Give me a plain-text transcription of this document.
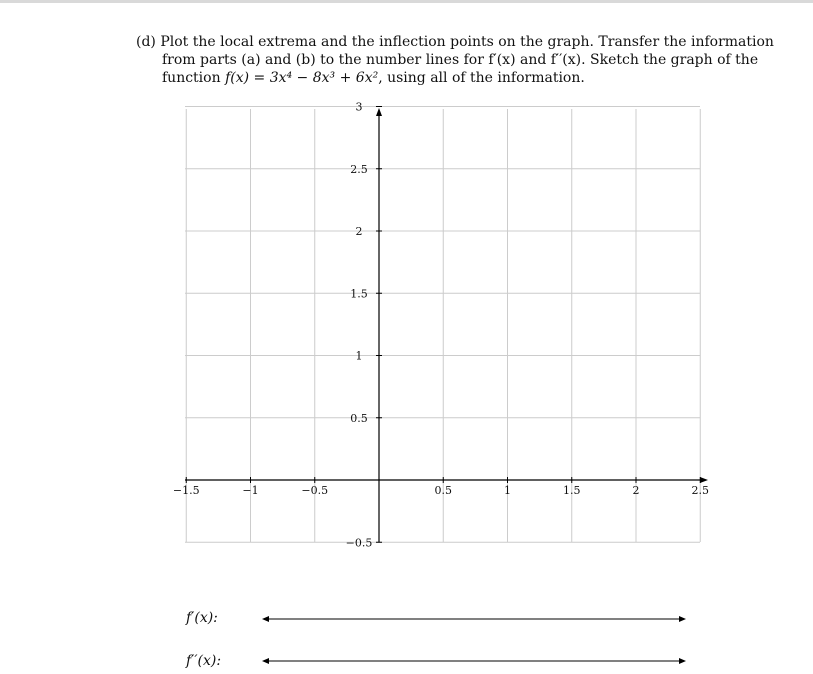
(d) Plot the local extrema and the inflection points on the graph. Transfer the information
from parts (a) and (b) to the number lines for f′(x) and f′′(x). Sketch the graph of the
function f(x) = 3x⁴ − 8x³ + 6x², using all of the information.
−1.5	−1	−0.5	0.5	1	1.5	2	2.5
3
2.5
2
1.5
1
0.5
−0.5
f′(x):
f′′(x):
